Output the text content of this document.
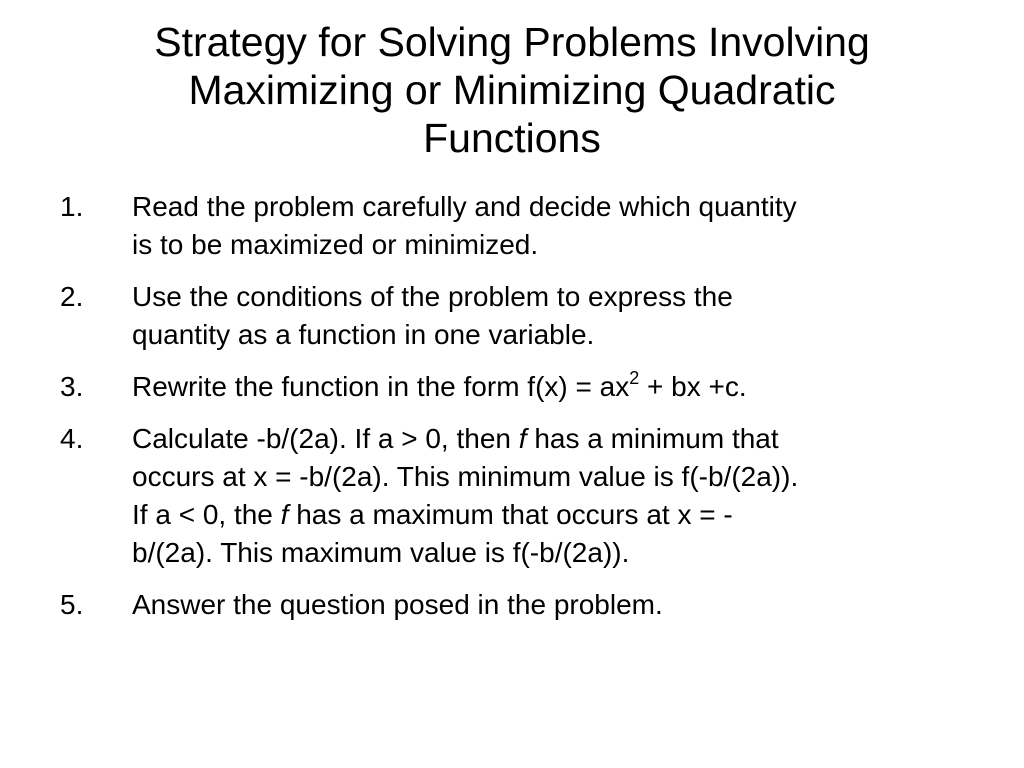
Strategy for Solving Problems Involving
Maximizing or Minimizing Quadratic
Functions
1.	Read the problem carefully and decide which quantity
is to be maximized or minimized.
2.	Use the conditions of the problem to express the
quantity as a function in one variable.
3.	Rewrite the function in the form $f(x) = ax^2$ + bx +c.
4.	Calculate -b/(2a). If a > 0, then f has a minimum that
occurs at x = -b/(2a). This minimum value is f(-b/(2a)).
If a < 0, the f has a maximum that occurs at x = -
b/(2a). This maximum value is f(-b/(2a)).
5.	Answer the question posed in the problem.
